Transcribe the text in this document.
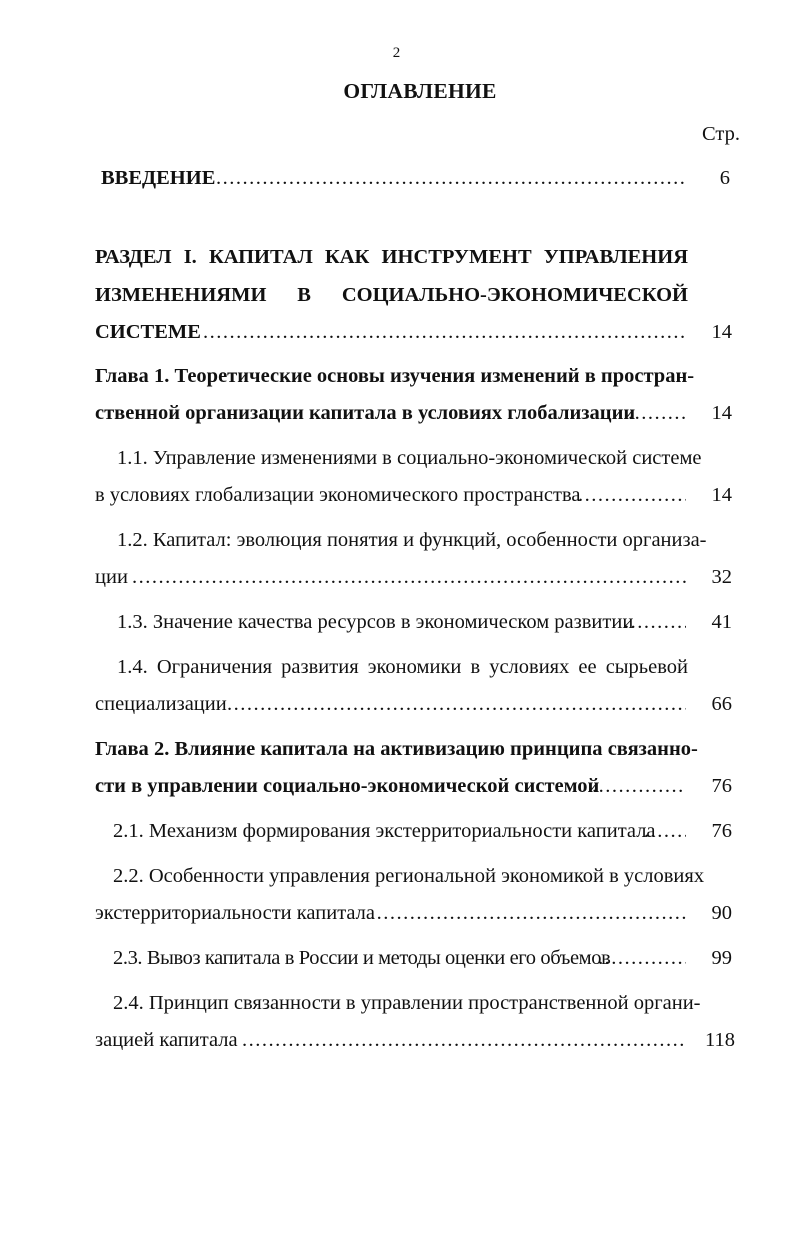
2
ОГЛАВЛЕНИЕ
Стр.
ВВЕДЕНИЕ .....	6
РАЗДЕЛ I. КАПИТАЛ КАК ИНСТРУМЕНТ УПРАВЛЕНИЯ
ИЗМЕНЕНИЯМИ В СОЦИАЛЬНО-ЭКОНОМИЧЕСКОЙ
СИСТЕМЕ .....	14
Глава 1. Теоретические основы изучения изменений в простран-
ственной организации капитала в условиях глобализации .....	14
1.1. Управление изменениями в социально-экономической системе
в условиях глобализации экономического пространства .....	14
1.2. Капитал: эволюция понятия и функций, особенности организа-
ции .....	32
1.3. Значение качества ресурсов в экономическом развитии .....	41
1.4. Ограничения развития экономики в условиях ее сырьевой
специализации .....	66
Глава 2. Влияние капитала на активизацию принципа связанно-
сти в управлении социально-экономической системой .....	76
2.1. Механизм формирования экстерриториальности капитала .....	76
2.2. Особенности управления региональной экономикой в условиях
экстерриториальности капитала .....	90
2.3. Вывоз капитала в России и методы оценки его объемов .....	99
2.4. Принцип связанности в управлении пространственной органи-
зацией капитала .....	118
